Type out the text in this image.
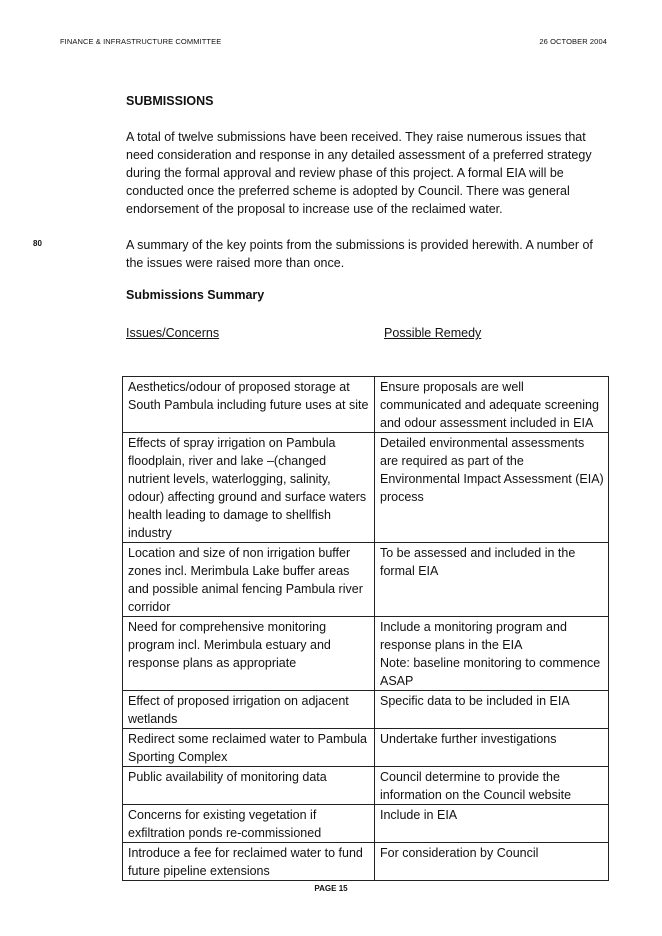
FINANCE & INFRASTRUCTURE COMMITTEE	26 OCTOBER 2004
80
SUBMISSIONS

A total of twelve submissions have been received. They raise numerous issues that need consideration and response in any detailed assessment of a preferred strategy during the formal approval and review phase of this project. A formal EIA will be conducted once the preferred scheme is adopted by Council. There was general endorsement of the proposal to increase use of the reclaimed water.

A summary of the key points from the submissions is provided herewith. A number of the issues were raised more than once.

Submissions Summary
Issues/Concerns	Possible Remedy
Aesthetics/odour of proposed storage at South Pambula including future uses at site	Ensure proposals are well communicated and adequate screening and odour assessment included in EIA
Effects of spray irrigation on Pambula floodplain, river and lake –(changed nutrient levels, waterlogging, salinity, odour) affecting ground and surface waters health leading to damage to shellfish industry	Detailed environmental assessments are required as part of the Environmental Impact Assessment (EIA) process
Location and size of non irrigation buffer zones incl. Merimbula Lake buffer areas and possible animal fencing Pambula river corridor	To be assessed and included in the formal EIA
Need for comprehensive monitoring program incl. Merimbula estuary and response plans as appropriate	Include a monitoring program and response plans in the EIA
Note: baseline monitoring to commence ASAP
Effect of proposed irrigation on adjacent wetlands	Specific data to be included in EIA
Redirect some reclaimed water to Pambula Sporting Complex	Undertake further investigations
Public availability of monitoring data	Council determine to provide the information on the Council website
Concerns for existing vegetation if exfiltration ponds re-commissioned	Include in EIA
Introduce a fee for reclaimed water to fund future pipeline extensions	For consideration by Council
PAGE 15
